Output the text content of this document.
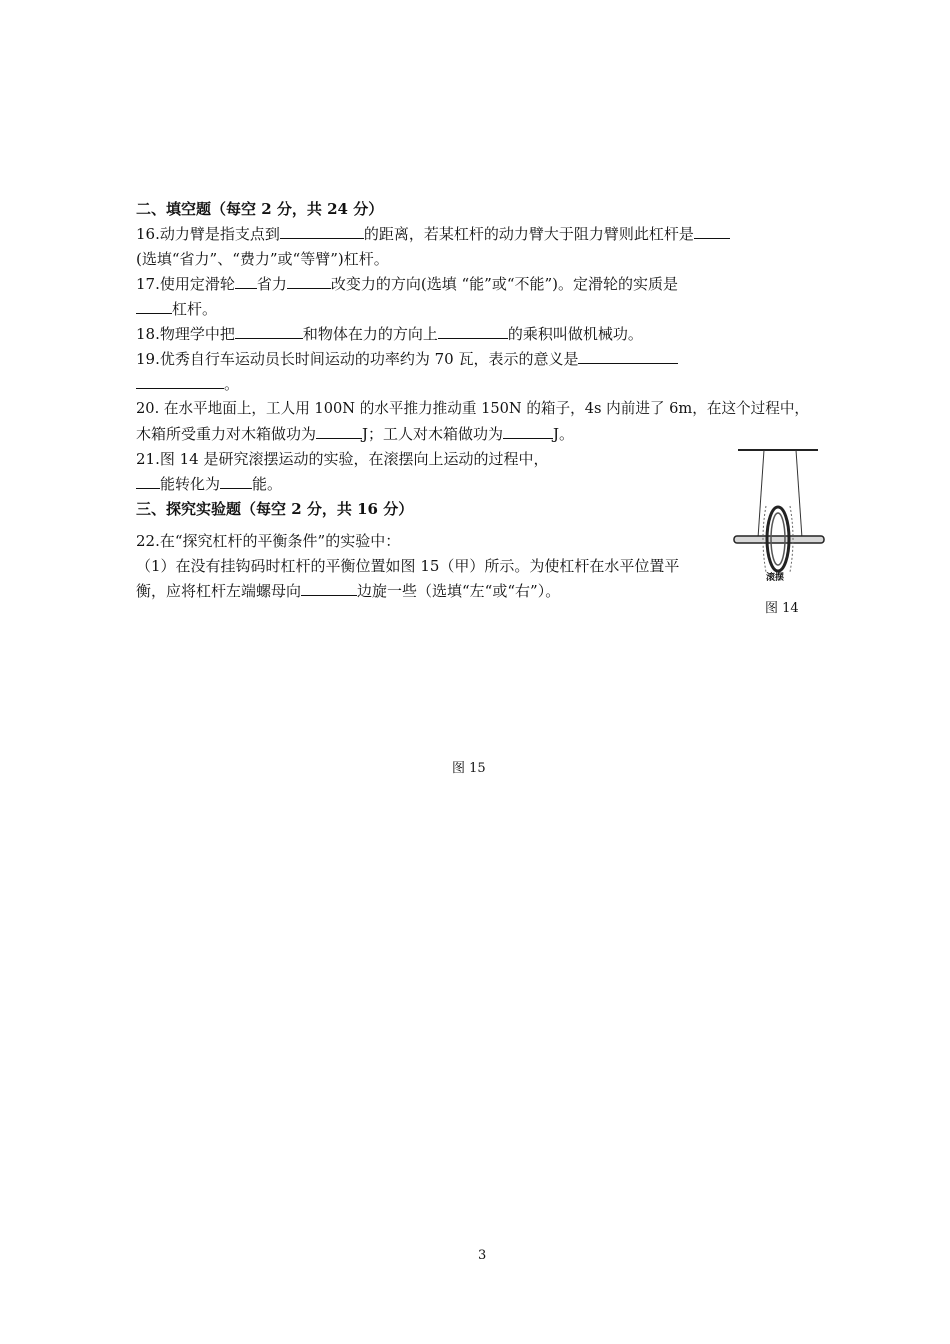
二、填空题（每空 2 分，共 24 分）
16.动力臂是指支点到	的距离，若某杠杆的动力臂大于阻力臂则此杠杆是
(选填“省力”、“费力”或“等臂”)杠杆。
17.使用定滑轮 省力	改变力的方向(选填 “能”或“不能”)。定滑轮的实质是
杠杆。
18.物理学中把	和物体在力的方向上	的乘积叫做机械功。
19.优秀自行车运动员长时间运动的功率约为 70 瓦，表示的意义是
。
20. 在水平地面上，工人用 100N 的水平推力推动重 150N 的箱子，4s 内前进了 6m，在这个过程中，
木箱所受重力对木箱做功为	J；工人对木箱做功为	J。
21.图 14 是研究滚摆运动的实验，在滚摆向上运动的过程中，
能转化为 能。
三、探究实验题（每空 2 分，共 16 分）
22.在“探究杠杆的平衡条件”的实验中：
（1）在没有挂钩码时杠杆的平衡位置如图 15（甲）所示。为使杠杆在水平位置平
衡，应将杠杆左端螺母向	边旋一些（选填“左“或“右”）。
滚摆
图 14
图 15
3
